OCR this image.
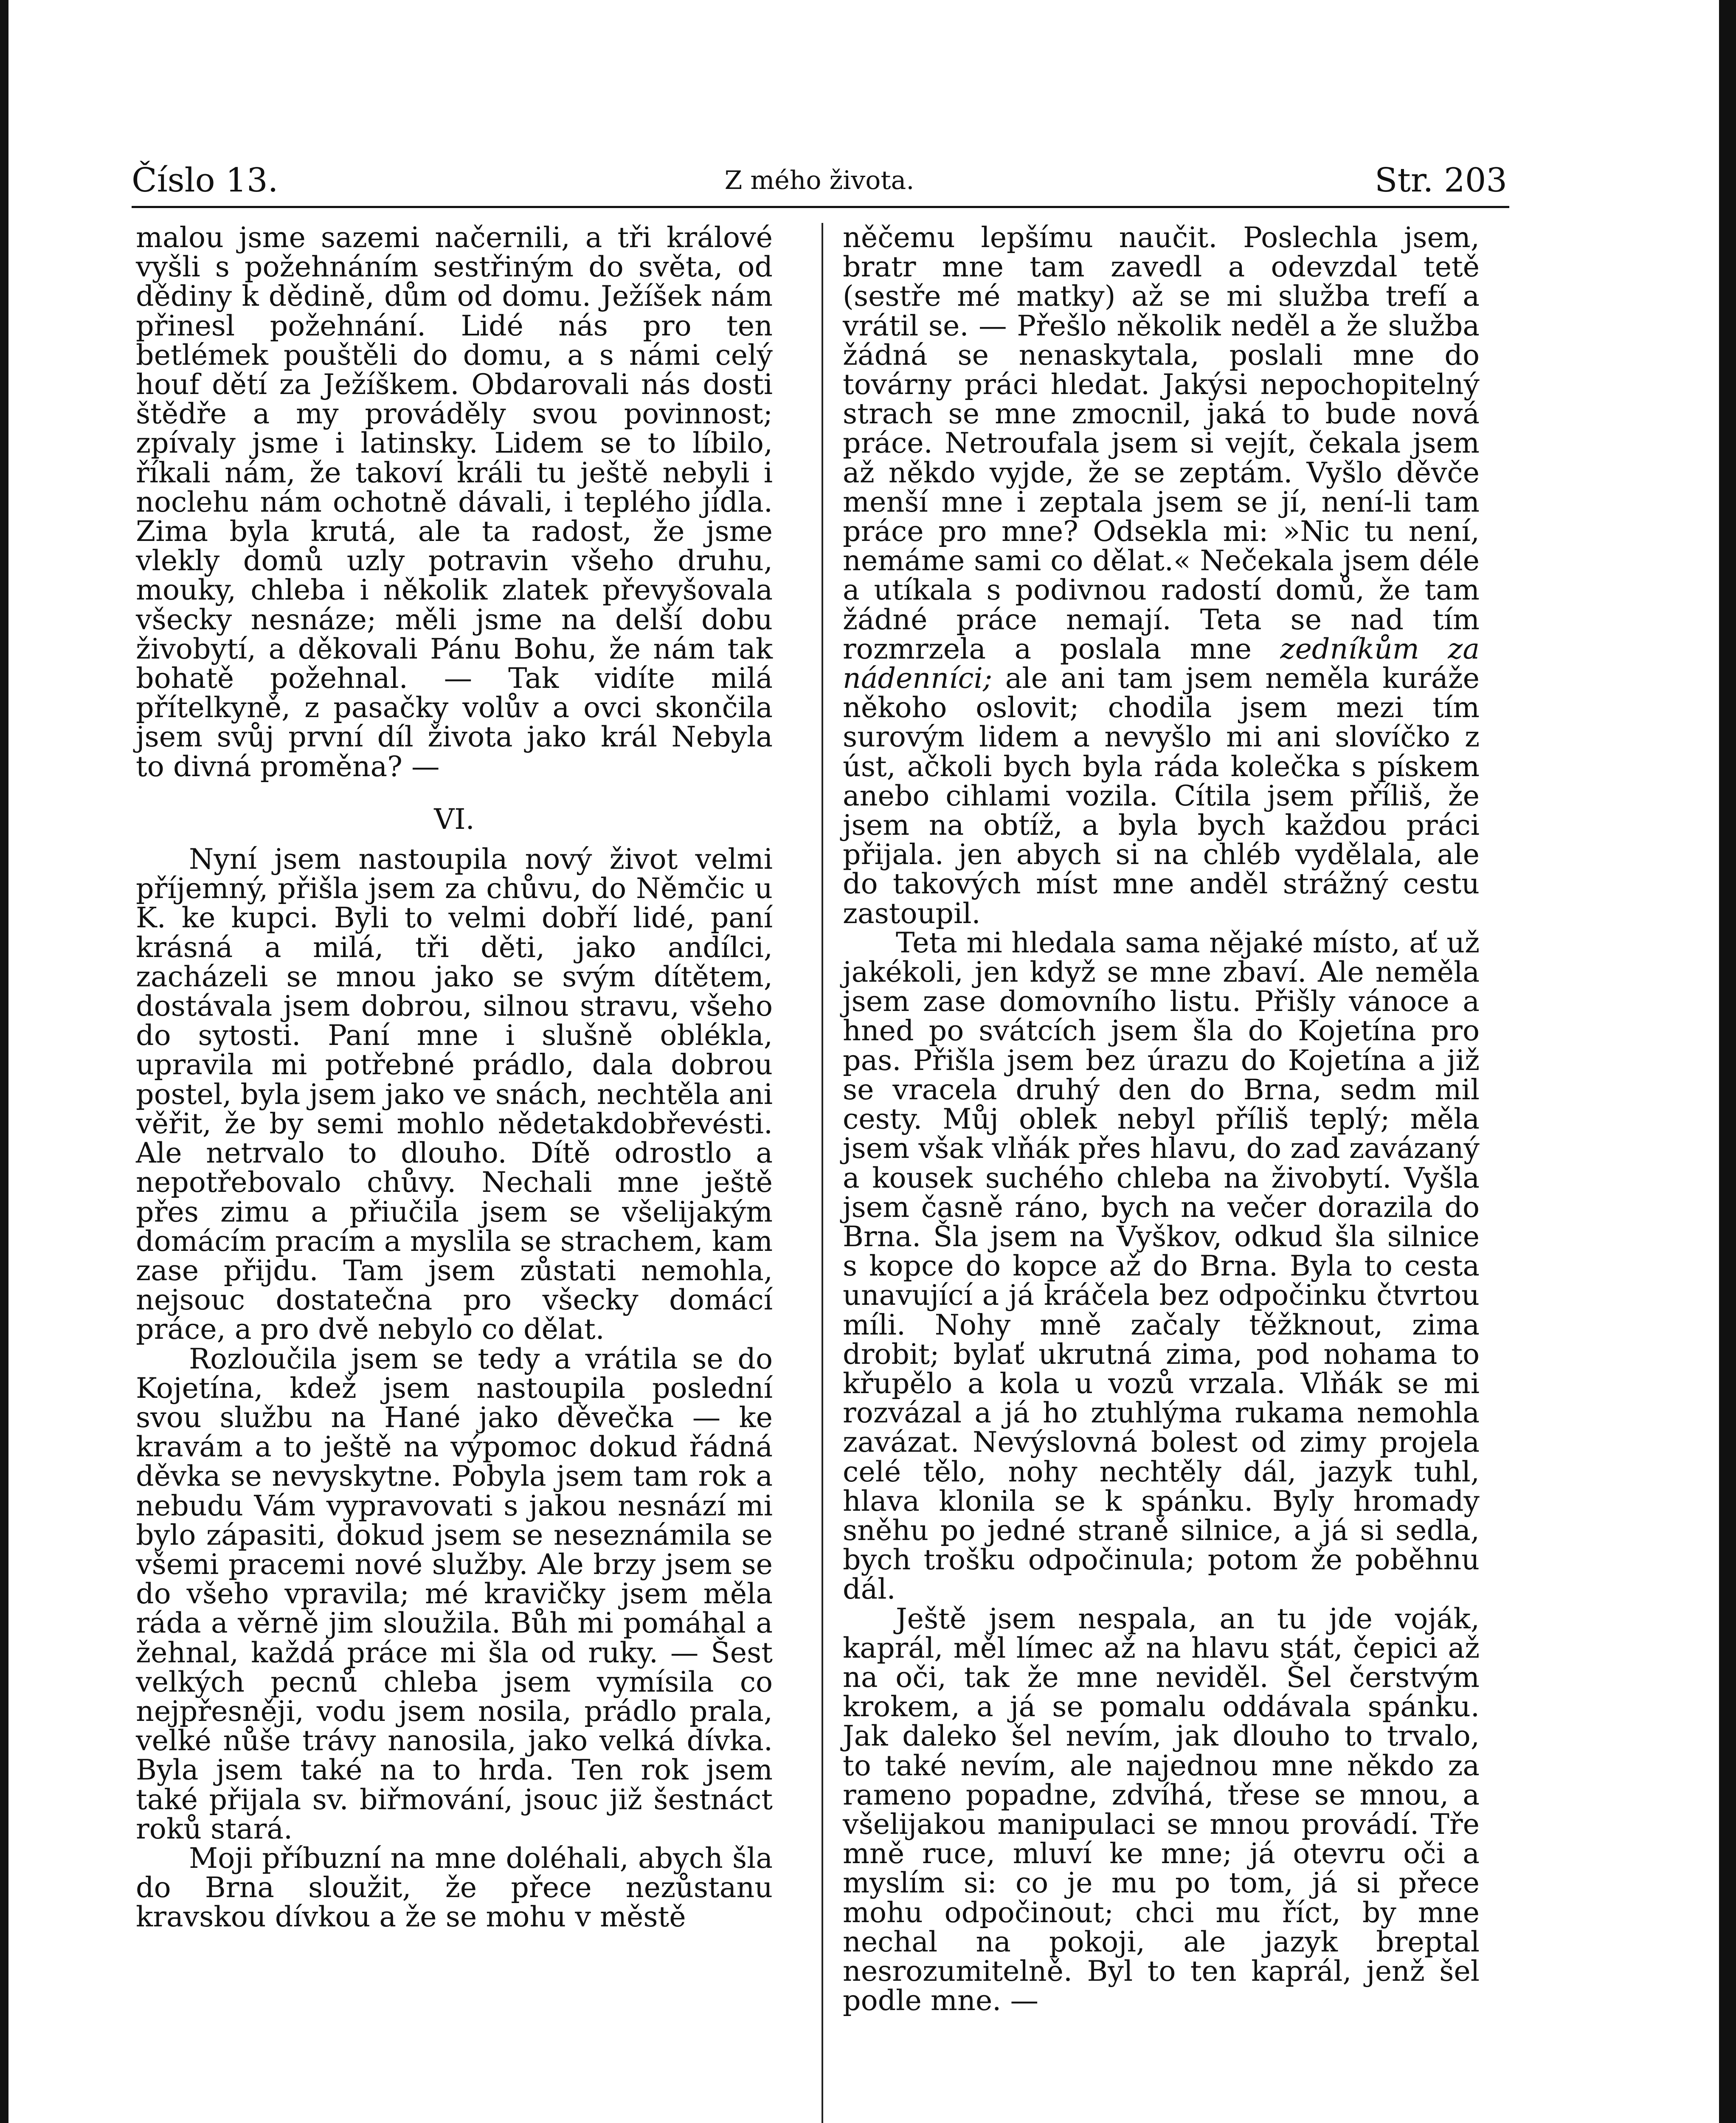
Číslo 13.	Z mého života.	Str. 203

malou jsme sazemi načernili, a tři králové vyšli s požehnáním sestřiným do světa, od dědiny k dědině, dům od domu. Ježíšek nám přinesl požehnání. Lidé nás pro ten betlémek pouštěli do domu, a s námi celý houf dětí za Ježíškem. Obdarovali nás dosti štědře a my prováděly svou povinnost; zpívaly jsme i latinsky. Lidem se to líbilo, říkali nám, že takoví králi tu ještě nebyli i noclehu nám ochotně dávali, i teplého jídla. Zima byla krutá, ale ta radost, že jsme vlekly domů uzly potravin všeho druhu, mouky, chleba i několik zlatek převyšovala všecky nesnáze; měli jsme na delší dobu živobytí, a děkovali Pánu Bohu, že nám tak bohatě požehnal. — Tak vidíte milá přítelkyně, z pasačky volův a ovci skončila jsem svůj první díl života jako král Nebyla to divná proměna? —

VI.

Nyní jsem nastoupila nový život velmi příjemný, přišla jsem za chůvu, do Němčic u K. ke kupci. Byli to velmi dobří lidé, paní krásná a milá, tři děti, jako andílci, zacházeli se mnou jako se svým dítětem, dostávala jsem dobrou, silnou stravu, všeho do sytosti. Paní mne i slušně oblékla, upravila mi potřebné prádlo, dala dobrou postel, byla jsem jako ve snách, nechtěla ani věřit, že by semi mohlo nědetakdobřevésti. Ale netrvalo to dlouho. Dítě odrostlo a nepotřebovalo chůvy. Nechali mne ještě přes zimu a přiučila jsem se všelijakým domácím pracím a myslila se strachem, kam zase přijdu. Tam jsem zůstati nemohla, nejsouc dostatečna pro všecky domácí práce, a pro dvě nebylo co dělat.

Rozloučila jsem se tedy a vrátila se do Kojetína, kdež jsem nastoupila poslední svou službu na Hané jako děvečka — ke kravám a to ještě na výpomoc dokud řádná děvka se nevyskytne. Pobyla jsem tam rok a nebudu Vám vypravovati s jakou nesnází mi bylo zápasiti, dokud jsem se neseznámila se všemi pracemi nové služby. Ale brzy jsem se do všeho vpravila; mé kravičky jsem měla ráda a věrně jim sloužila. Bůh mi pomáhal a žehnal, každá práce mi šla od ruky. — Šest velkých pecnů chleba jsem vymísila co nejpřesněji, vodu jsem nosila, prádlo prala, velké nůše trávy nanosila, jako velká dívka. Byla jsem také na to hrda. Ten rok jsem také přijala sv. biřmování, jsouc již šestnáct roků stará.

Moji příbuzní na mne doléhali, abych šla do Brna sloužit, že přece nezůstanu kravskou dívkou a že se mohu v městě

něčemu lepšímu naučit. Poslechla jsem, bratr mne tam zavedl a odevzdal tetě (sestře mé matky) až se mi služba trefí a vrátil se. — Přešlo několik neděl a že služba žádná se nenaskytala, poslali mne do továrny práci hledat. Jakýsi nepochopitelný strach se mne zmocnil, jaká to bude nová práce. Netroufala jsem si vejít, čekala jsem až někdo vyjde, že se zeptám. Vyšlo děvče menší mne i zeptala jsem se jí, není-li tam práce pro mne? Odsekla mi: »Nic tu není, nemáme sami co dělat.« Nečekala jsem déle a utíkala s podivnou radostí domů, že tam žádné práce nemají. Teta se nad tím rozmrzela a poslala mne zedníkům za nádenníci; ale ani tam jsem neměla kuráže někoho oslovit; chodila jsem mezi tím surovým lidem a nevyšlo mi ani slovíčko z úst, ačkoli bych byla ráda kolečka s pískem anebo cihlami vozila. Cítila jsem příliš, že jsem na obtíž, a byla bych každou práci přijala. jen abych si na chléb vydělala, ale do takových míst mne anděl strážný cestu zastoupil.

Teta mi hledala sama nějaké místo, ať už jakékoli, jen když se mne zbaví. Ale neměla jsem zase domovního listu. Přišly vánoce a hned po svátcích jsem šla do Kojetína pro pas. Přišla jsem bez úrazu do Kojetína a již se vracela druhý den do Brna, sedm mil cesty. Můj oblek nebyl příliš teplý; měla jsem však vlňák přes hlavu, do zad zavázaný a kousek suchého chleba na živobytí. Vyšla jsem časně ráno, bych na večer dorazila do Brna. Šla jsem na Vyškov, odkud šla silnice s kopce do kopce až do Brna. Byla to cesta unavující a já kráčela bez odpočinku čtvrtou míli. Nohy mně začaly těžknout, zima drobit; bylať ukrutná zima, pod nohama to křupělo a kola u vozů vrzala. Vlňák se mi rozvázal a já ho ztuhlýma rukama nemohla zavázat. Nevýslovná bolest od zimy projela celé tělo, nohy nechtěly dál, jazyk tuhl, hlava klonila se k spánku. Byly hromady sněhu po jedné straně silnice, a já si sedla, bych trošku odpočinula; potom že poběhnu dál.

Ještě jsem nespala, an tu jde voják, kaprál, měl límec až na hlavu stát, čepici až na oči, tak že mne neviděl. Šel čerstvým krokem, a já se pomalu oddávala spánku. Jak daleko šel nevím, jak dlouho to trvalo, to také nevím, ale najednou mne někdo za rameno popadne, zdvíhá, třese se mnou, a všelijakou manipulaci se mnou provádí. Tře mně ruce, mluví ke mne; já otevru oči a myslím si: co je mu po tom, já si přece mohu odpočinout; chci mu říct, by mne nechal na pokoji, ale jazyk breptal nesrozumitelně. Byl to ten kaprál, jenž šel podle mne. —
